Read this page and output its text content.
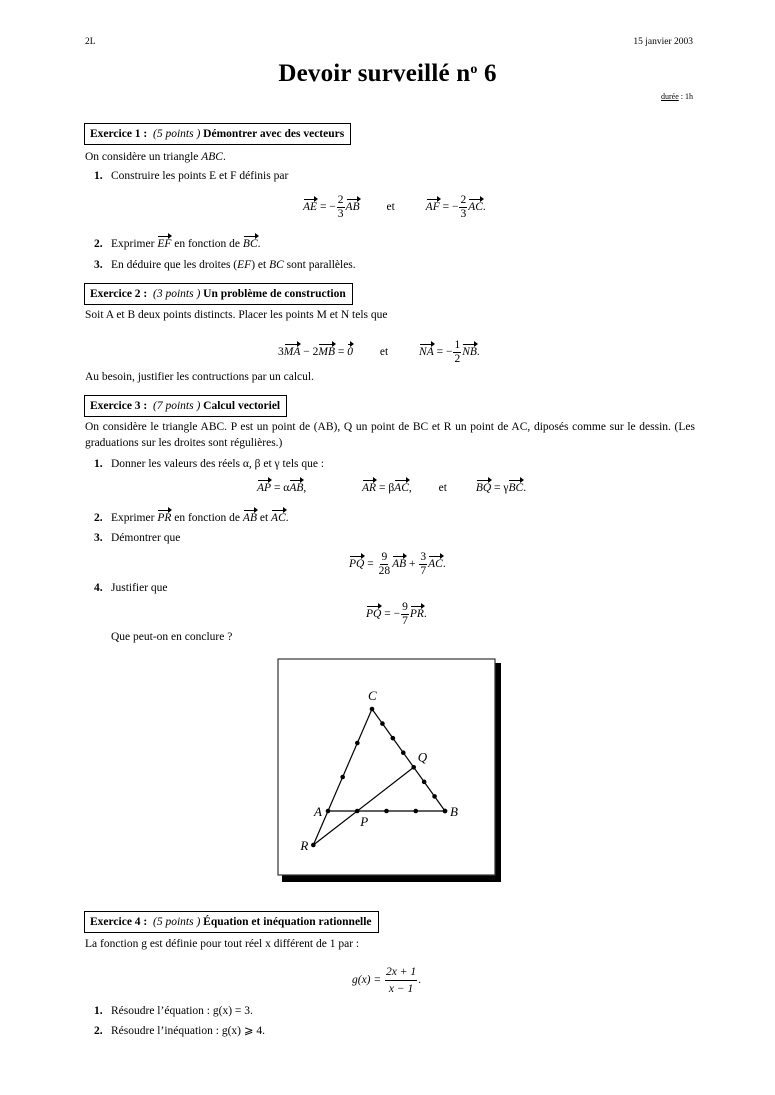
2L	15 janvier 2003
Devoir surveillé $n^o$ 6
durée : 1h
Exercice 1 : (5 points ) Démontrer avec des vecteurs
On considère un triangle ABC.
1. Construire les points E et F définis par
AE = − $\frac{2}{3}$ AB et	AF = − $\frac{2}{3}$ AC.
2. Exprimer EF en fonction de BC.
3. En déduire que les droites (EF) et BC sont parallèles.
Exercice 2 : (3 points ) Un problème de construction
Soit A et B deux points distincts. Placer les points M et N tels que
3MA − 2MB = 0 et	NA = − $\frac{1}{2}$ NB.
Au besoin, justifier les contructions par un calcul.
Exercice 3 : (7 points ) Calcul vectoriel
On considère le triangle ABC. P est un point de (AB), Q un point de BC et R un point de AC, diposés comme sur le dessin. (Les graduations sur les droites sont régulières.)
1. Donner les valeurs des réels α, β et γ tels que :
AP = αAB,	AR = βAC, et	BQ = γBC.
2. Exprimer PR en fonction de AB et AC.
3. Démontrer que
PQ = $\frac{9}{28}$ AB + $\frac{3}{7}$ AC.
4. Justifier que
PQ = − $\frac{9}{7}$ PR.
Que peut-on en conclure ?
C
A	B
P
Q
R
Exercice 4 : (5 points ) Équation et inéquation rationnelle
La fonction g est définie pour tout réel x différent de 1 par :
$g(x) = \frac{2x + 1}{x - 1}$ .
1. Résoudre l’équation : g(x) = 3.
2. Résoudre l’inéquation : g(x) ⩾ 4.
